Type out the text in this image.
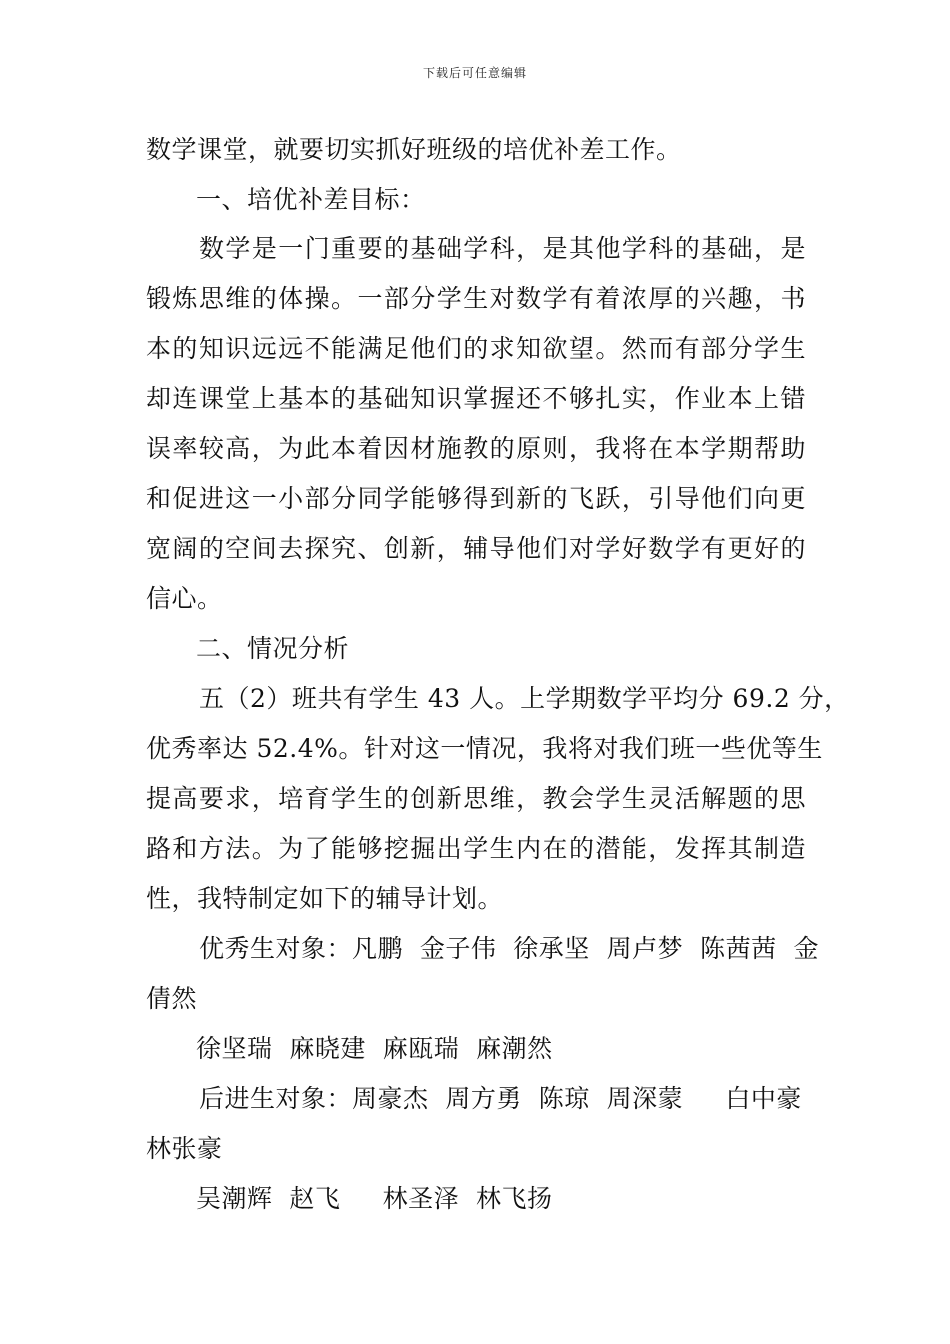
下载后可任意编辑
数学课堂，就要切实抓好班级的培优补差工作。
一、培优补差目标：
数学是一门重要的基础学科，是其他学科的基础，是
锻炼思维的体操。一部分学生对数学有着浓厚的兴趣，书
本的知识远远不能满足他们的求知欲望。然而有部分学生
却连课堂上基本的基础知识掌握还不够扎实，作业本上错
误率较高，为此本着因材施教的原则，我将在本学期帮助
和促进这一小部分同学能够得到新的飞跃，引导他们向更
宽阔的空间去探究、创新，辅导他们对学好数学有更好的
信心。
二、情况分析
五（2）班共有学生 43 人。上学期数学平均分 69.2 分，
优秀率达 52.4%。针对这一情况，我将对我们班一些优等生
提高要求，培育学生的创新思维，教会学生灵活解题的思
路和方法。为了能够挖掘出学生内在的潜能，发挥其制造
性，我特制定如下的辅导计划。
优秀生对象：凡鹏  金子伟  徐承坚  周卢梦  陈茜茜  金
倩然
徐坚瑞  麻晓建  麻瓯瑞  麻潮然
后进生对象：周豪杰  周方勇  陈琼  周深蒙     白中豪
林张豪
吴潮辉  赵飞     林圣泽  林飞扬
